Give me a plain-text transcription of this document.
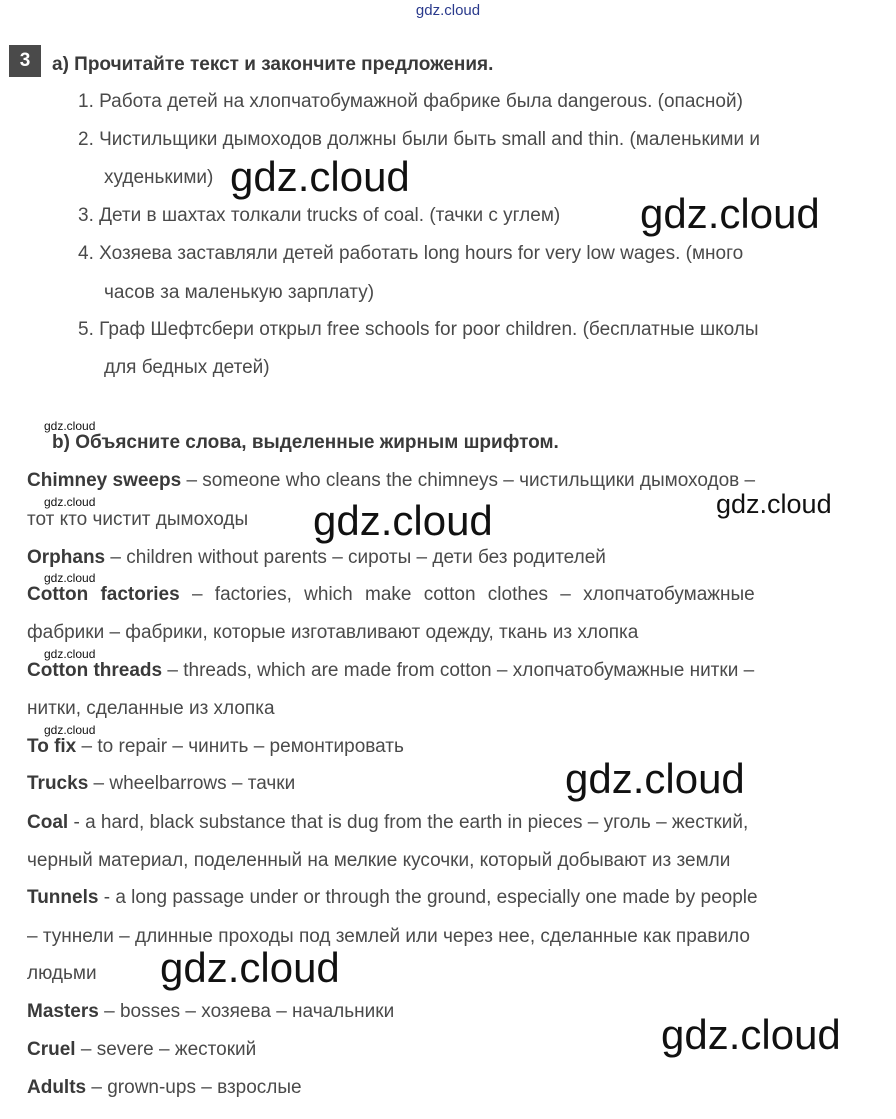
gdz.cloud
3	a) Прочитайте текст и закончите предложения.
1. Работа детей на хлопчатобумажной фабрике была dangerous. (опасной)
2. Чистильщики дымоходов должны были быть small and thin. (маленькими и
худенькими)
3. Дети в шахтах толкали trucks of coal. (тачки с углем)
4. Хозяева заставляли детей работать long hours for very low wages. (много
часов за маленькую зарплату)
5. Граф Шефтсбери открыл free schools for poor children. (бесплатные школы
для бедных детей)
b) Объясните слова, выделенные жирным шрифтом.
Chimney sweeps – someone who cleans the chimneys – чистильщики дымоходов –
тот кто чистит дымоходы
Orphans – children without parents – сироты – дети без родителей
Cotton factories – factories, which make cotton clothes – хлопчатобумажные
фабрики – фабрики, которые изготавливают одежду, ткань из хлопка
Cotton threads – threads, which are made from cotton – хлопчатобумажные нитки –
нитки, сделанные из хлопка
To fix – to repair – чинить – ремонтировать
Trucks – wheelbarrows – тачки
Coal - a hard, black substance that is dug from the earth in pieces – уголь – жесткий,
черный материал, поделенный на мелкие кусочки, который добывают из земли
Tunnels - a long passage under or through the ground, especially one made by people
– туннели – длинные проходы под землей или через нее, сделанные как правило
людьми
Masters – bosses – хозяева – начальники
Cruel – severe – жестокий
Adults – grown-ups – взрослые
gdz.cloud
gdz.cloud
gdz.cloud
gdz.cloud	gdz.cloud	gdz.cloud
gdz.cloud
gdz.cloud
gdz.cloud
gdz.cloud
gdz.cloud
gdz.cloud
